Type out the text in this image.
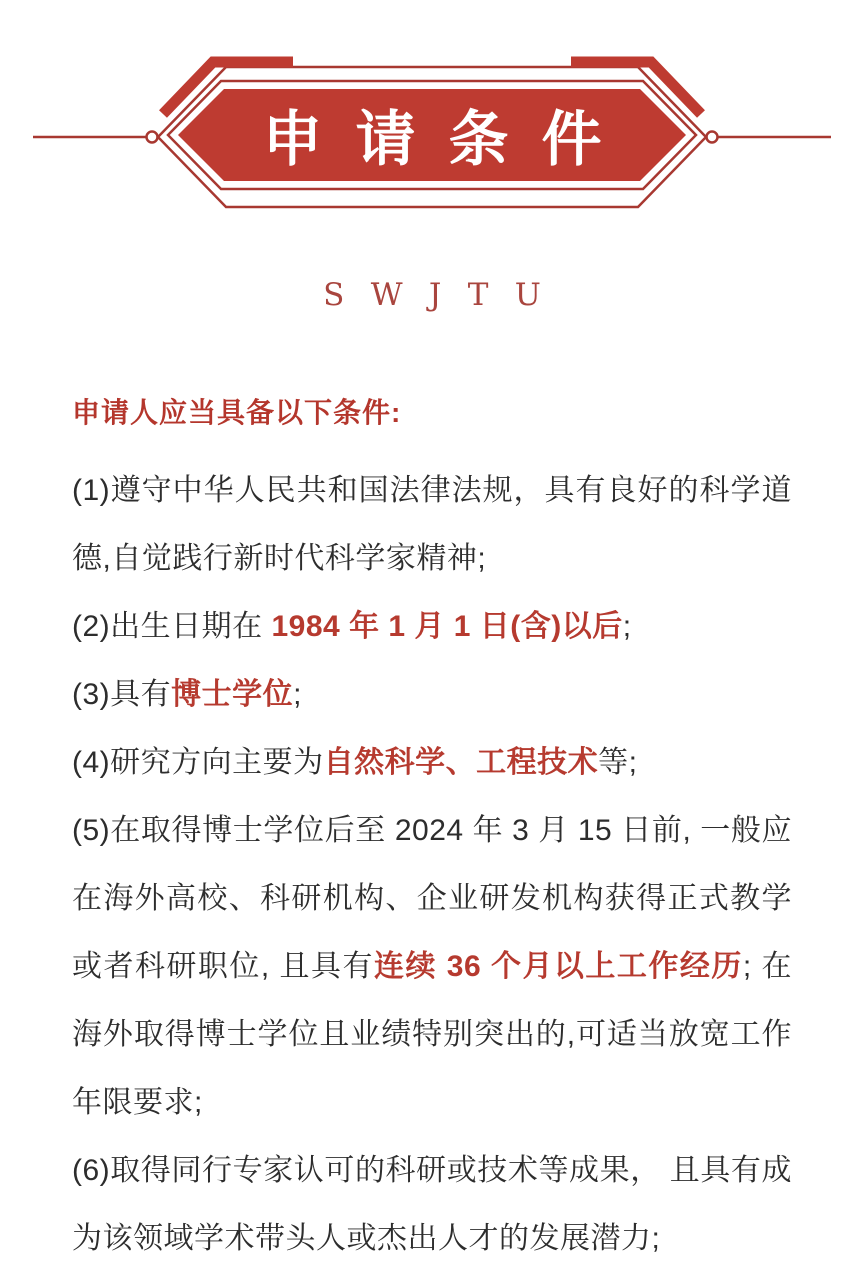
申请条件
SWJTU
申请人应当具备以下条件:

(1)遵守中华人民共和国法律法规，具有良好的科学道德,自觉践行新时代科学家精神;

(2)出生日期在 1984 年 1 月 1 日(含)以后;

(3)具有博士学位;

(4)研究方向主要为自然科学、工程技术等;

(5)在取得博士学位后至 2024 年 3 月 15 日前, 一般应在海外高校、科研机构、企业研发机构获得正式教学或者科研职位, 且具有连续 36 个月以上工作经历; 在海外取得博士学位且业绩特别突出的,可适当放宽工作年限要求;

(6)取得同行专家认可的科研或技术等成果， 且具有成为该领域学术带头人或杰出人才的发展潜力;
